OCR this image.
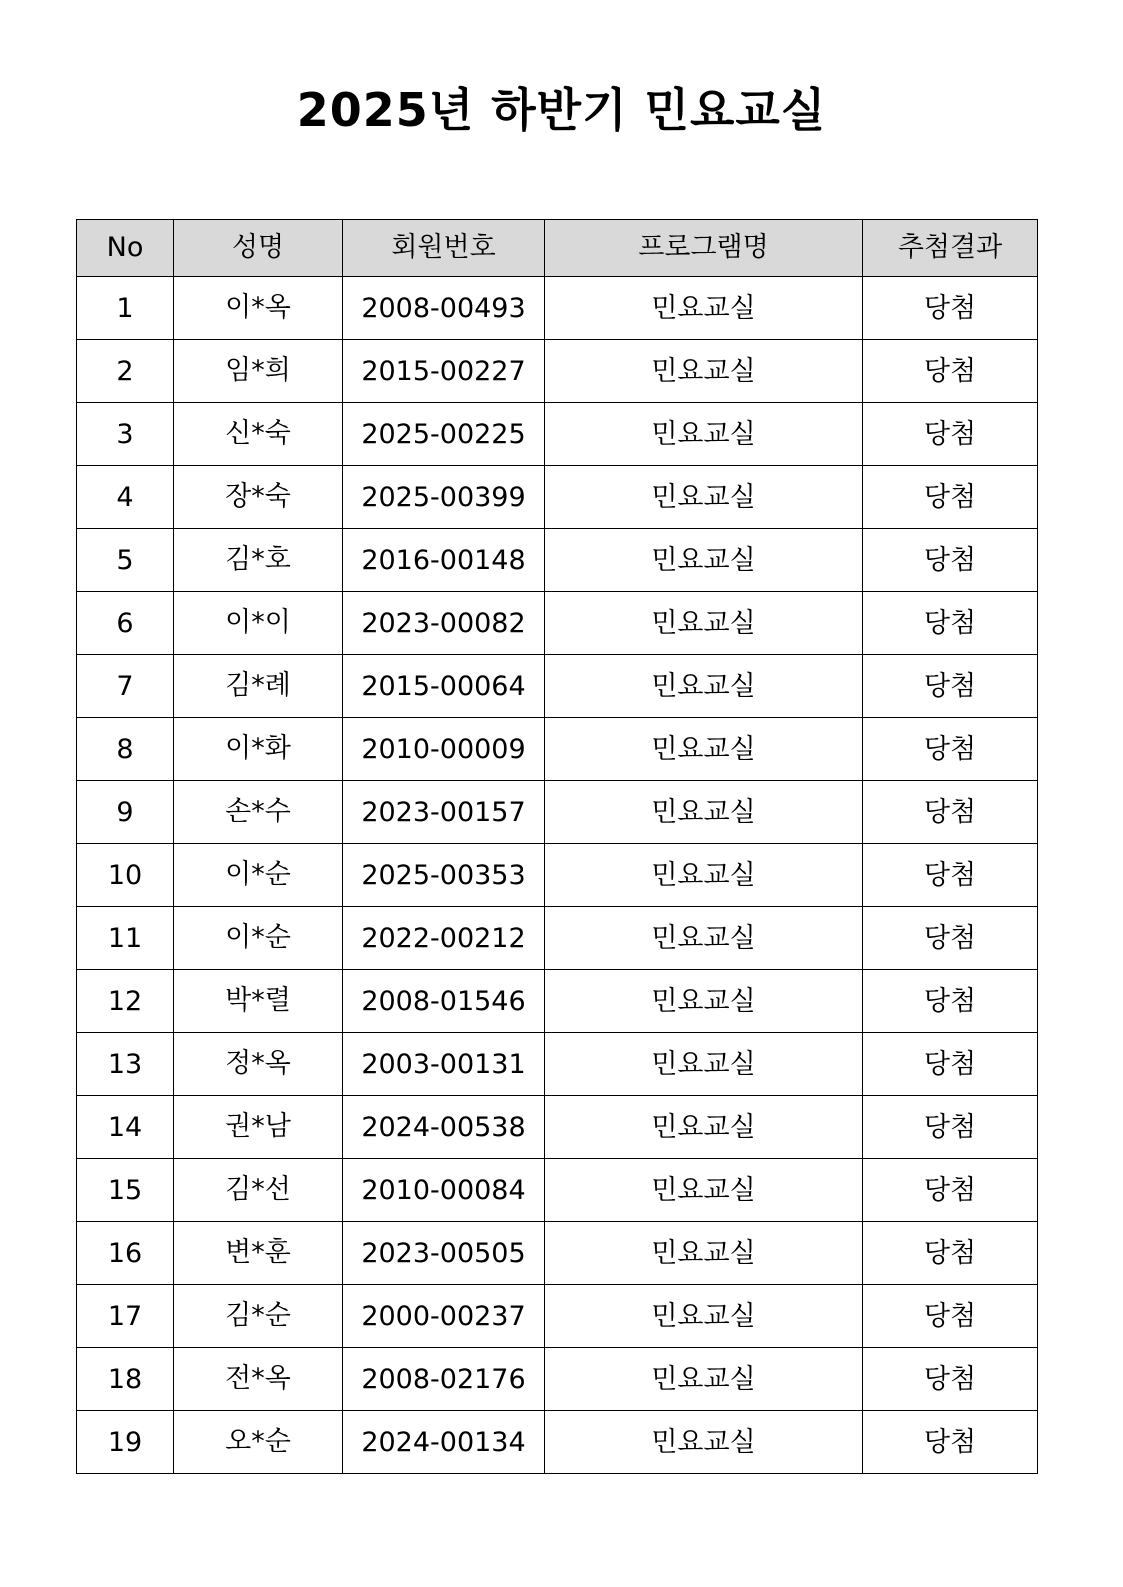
2025년 하반기 민요교실
No	성명	회원번호	프로그램명	추첨결과
1	이*옥	2008-00493	민요교실	당첨
2	임*희	2015-00227	민요교실	당첨
3	신*숙	2025-00225	민요교실	당첨
4	장*숙	2025-00399	민요교실	당첨
5	김*호	2016-00148	민요교실	당첨
6	이*이	2023-00082	민요교실	당첨
7	김*례	2015-00064	민요교실	당첨
8	이*화	2010-00009	민요교실	당첨
9	손*수	2023-00157	민요교실	당첨
10	이*순	2025-00353	민요교실	당첨
11	이*순	2022-00212	민요교실	당첨
12	박*렬	2008-01546	민요교실	당첨
13	정*옥	2003-00131	민요교실	당첨
14	권*남	2024-00538	민요교실	당첨
15	김*선	2010-00084	민요교실	당첨
16	변*훈	2023-00505	민요교실	당첨
17	김*순	2000-00237	민요교실	당첨
18	전*옥	2008-02176	민요교실	당첨
19	오*순	2024-00134	민요교실	당첨
